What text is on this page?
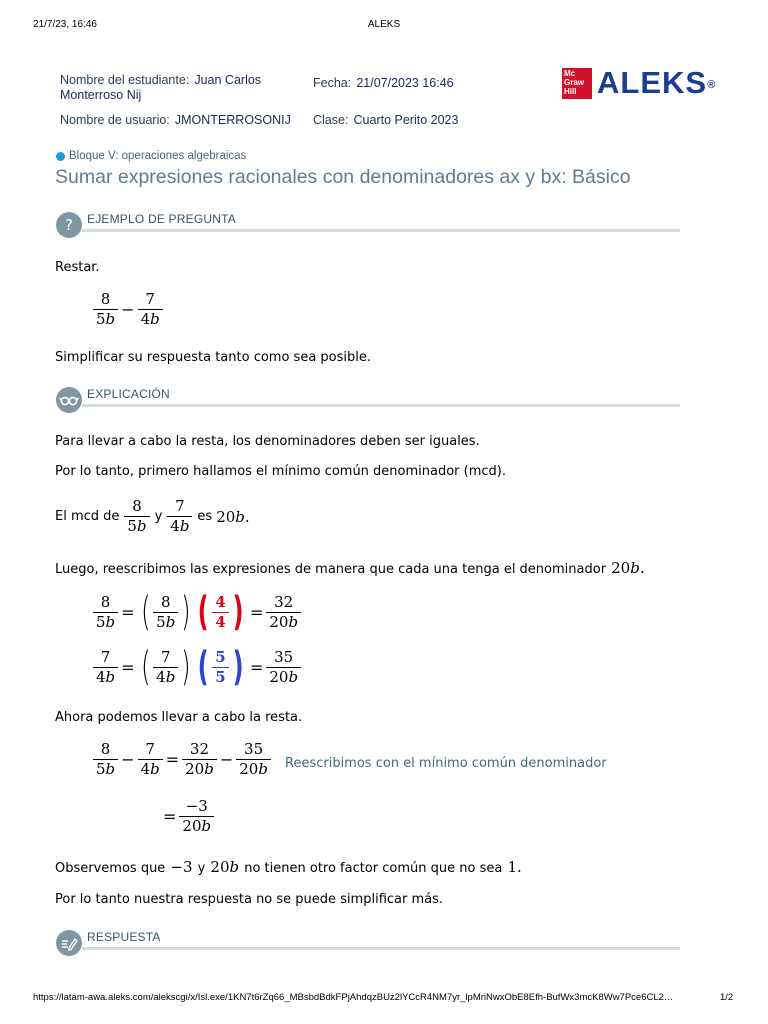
21/7/23, 16:46	ALEKS
Nombre del estudiante: Juan Carlos
Monterroso Nij
Fecha: 21/07/2023 16:46
Nombre de usuario: JMONTERROSONIJ Clase: Cuarto Perito 2023
Mc
Graw
Hill ALEKS®
Bloque V: operaciones algebraicas
Sumar expresiones racionales con denominadores ax y bx: Básico
?	EJEMPLO DE PREGUNTA
Restar.
$\frac{8}{5b} - \frac{7}{4b}$
Simplificar su respuesta tanto como sea posible.
EXPLICACIÓN
Para llevar a cabo la resta, los denominadores deben ser iguales.
Por lo tanto, primero hallamos el mínimo común denominador (mcd).
El mcd de $\frac{8}{5b}$ y $\frac{7}{4b}$ es 20b.
Luego, reescribimos las expresiones de manera que cada una tenga el denominador 20b.
$\frac{8}{5b}$ = ( $\frac{8}{5b}$ ) ( $\frac{4}{4}$ ) = $\frac{32}{20b}$
$\frac{7}{4b}$ = ( $\frac{7}{4b}$ ) ( $\frac{5}{5}$ ) = $\frac{35}{20b}$
Ahora podemos llevar a cabo la resta.
$\frac{8}{5b} - \frac{7}{4b} = \frac{32}{20b} - \frac{35}{20b}$ Reescribimos con el mínimo común denominador
= $\frac{-3}{20b}$
Observemos que −3 y 20b no tienen otro factor común que no sea 1.
Por lo tanto nuestra respuesta no se puede simplificar más.
RESPUESTA
https://latam-awa.aleks.com/alekscgi/x/Isl.exe/1KN7t6rZq66_MBsbdBdkFPjAhdqzBUz2lYCcR4NM7yr_lpMriNwxObE8Efh-BufWx3mcK8Ww7Pce6CL2…	1/2
